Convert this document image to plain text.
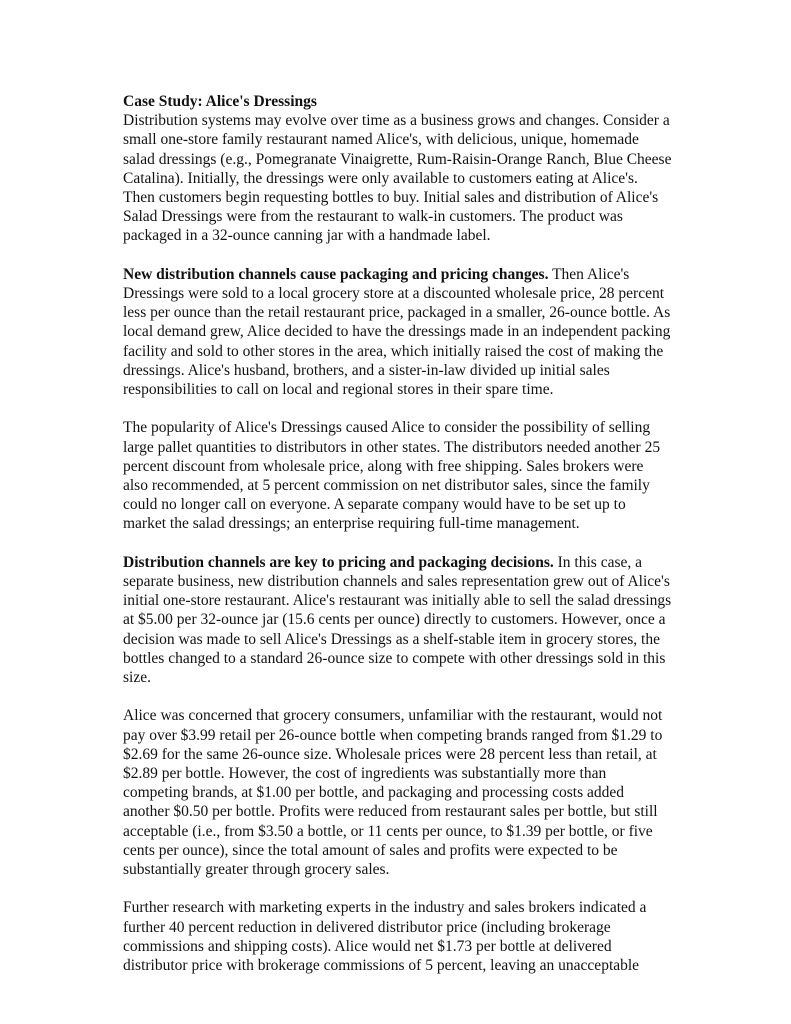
Case Study: Alice's Dressings
Distribution systems may evolve over time as a business grows and changes. Consider a small one-store family restaurant named Alice's, with delicious, unique, homemade salad dressings (e.g., Pomegranate Vinaigrette, Rum-Raisin-Orange Ranch, Blue Cheese Catalina). Initially, the dressings were only available to customers eating at Alice's. Then customers begin requesting bottles to buy. Initial sales and distribution of Alice's Salad Dressings were from the restaurant to walk-in customers. The product was packaged in a 32-ounce canning jar with a handmade label.

New distribution channels cause packaging and pricing changes. Then Alice's Dressings were sold to a local grocery store at a discounted wholesale price, 28 percent less per ounce than the retail restaurant price, packaged in a smaller, 26-ounce bottle. As local demand grew, Alice decided to have the dressings made in an independent packing facility and sold to other stores in the area, which initially raised the cost of making the dressings. Alice's husband, brothers, and a sister-in-law divided up initial sales responsibilities to call on local and regional stores in their spare time.

The popularity of Alice's Dressings caused Alice to consider the possibility of selling large pallet quantities to distributors in other states. The distributors needed another 25 percent discount from wholesale price, along with free shipping. Sales brokers were also recommended, at 5 percent commission on net distributor sales, since the family could no longer call on everyone. A separate company would have to be set up to market the salad dressings; an enterprise requiring full-time management.

Distribution channels are key to pricing and packaging decisions. In this case, a separate business, new distribution channels and sales representation grew out of Alice's initial one-store restaurant. Alice's restaurant was initially able to sell the salad dressings at $5.00 per 32-ounce jar (15.6 cents per ounce) directly to customers. However, once a decision was made to sell Alice's Dressings as a shelf-stable item in grocery stores, the bottles changed to a standard 26-ounce size to compete with other dressings sold in this size.

Alice was concerned that grocery consumers, unfamiliar with the restaurant, would not pay over $3.99 retail per 26-ounce bottle when competing brands ranged from $1.29 to $2.69 for the same 26-ounce size. Wholesale prices were 28 percent less than retail, at $2.89 per bottle. However, the cost of ingredients was substantially more than competing brands, at $1.00 per bottle, and packaging and processing costs added another $0.50 per bottle. Profits were reduced from restaurant sales per bottle, but still acceptable (i.e., from $3.50 a bottle, or 11 cents per ounce, to $1.39 per bottle, or five cents per ounce), since the total amount of sales and profits were expected to be substantially greater through grocery sales.

Further research with marketing experts in the industry and sales brokers indicated a further 40 percent reduction in delivered distributor price (including brokerage commissions and shipping costs). Alice would net $1.73 per bottle at delivered distributor price with brokerage commissions of 5 percent, leaving an unacceptable
